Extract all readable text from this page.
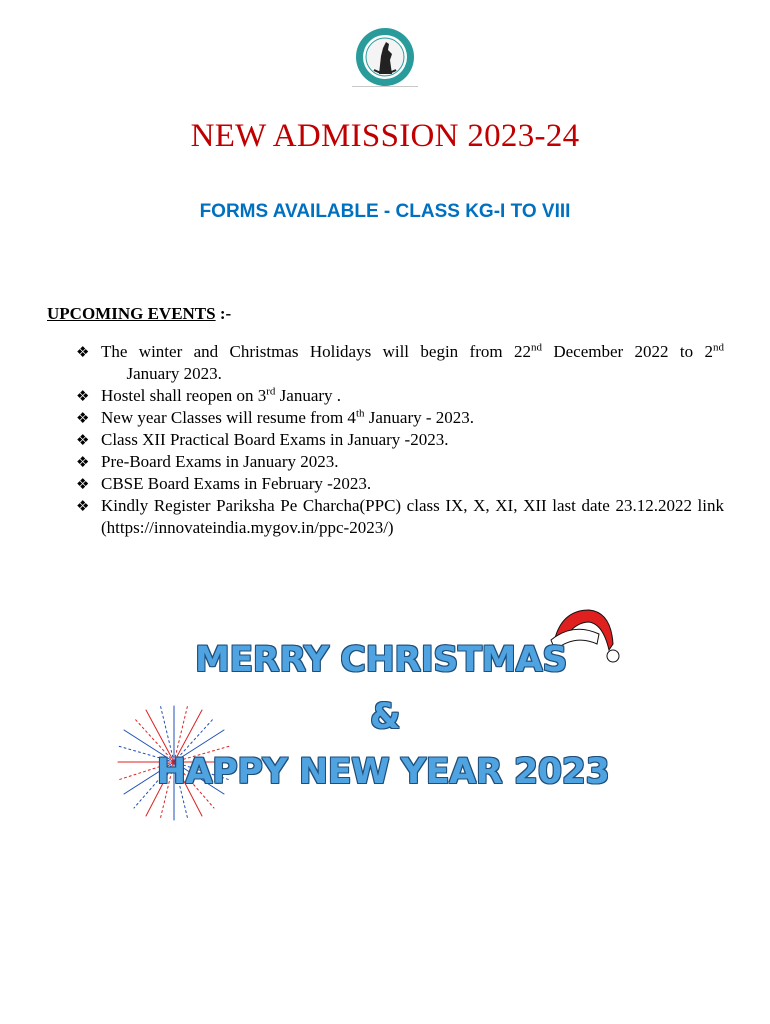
NEW ADMISSION 2023-24
FORMS AVAILABLE - CLASS KG-I TO VIII
UPCOMING EVENTS :-
❖ The winter and Christmas Holidays will begin from 22nd December 2022 to 2nd      January 2023.
❖ Hostel shall reopen on 3rd January .
❖ New year Classes will resume from 4th January - 2023.
❖ Class XII Practical Board Exams in January -2023.
❖ Pre-Board Exams in January 2023.
❖ CBSE Board Exams in February -2023.
❖ Kindly Register Pariksha Pe Charcha(PPC) class IX, X, XI, XII last date 23.12.2022 link (https://innovateindia.mygov.in/ppc-2023/)
MERRY CHRISTMAS
&
HAPPY NEW YEAR 2023
